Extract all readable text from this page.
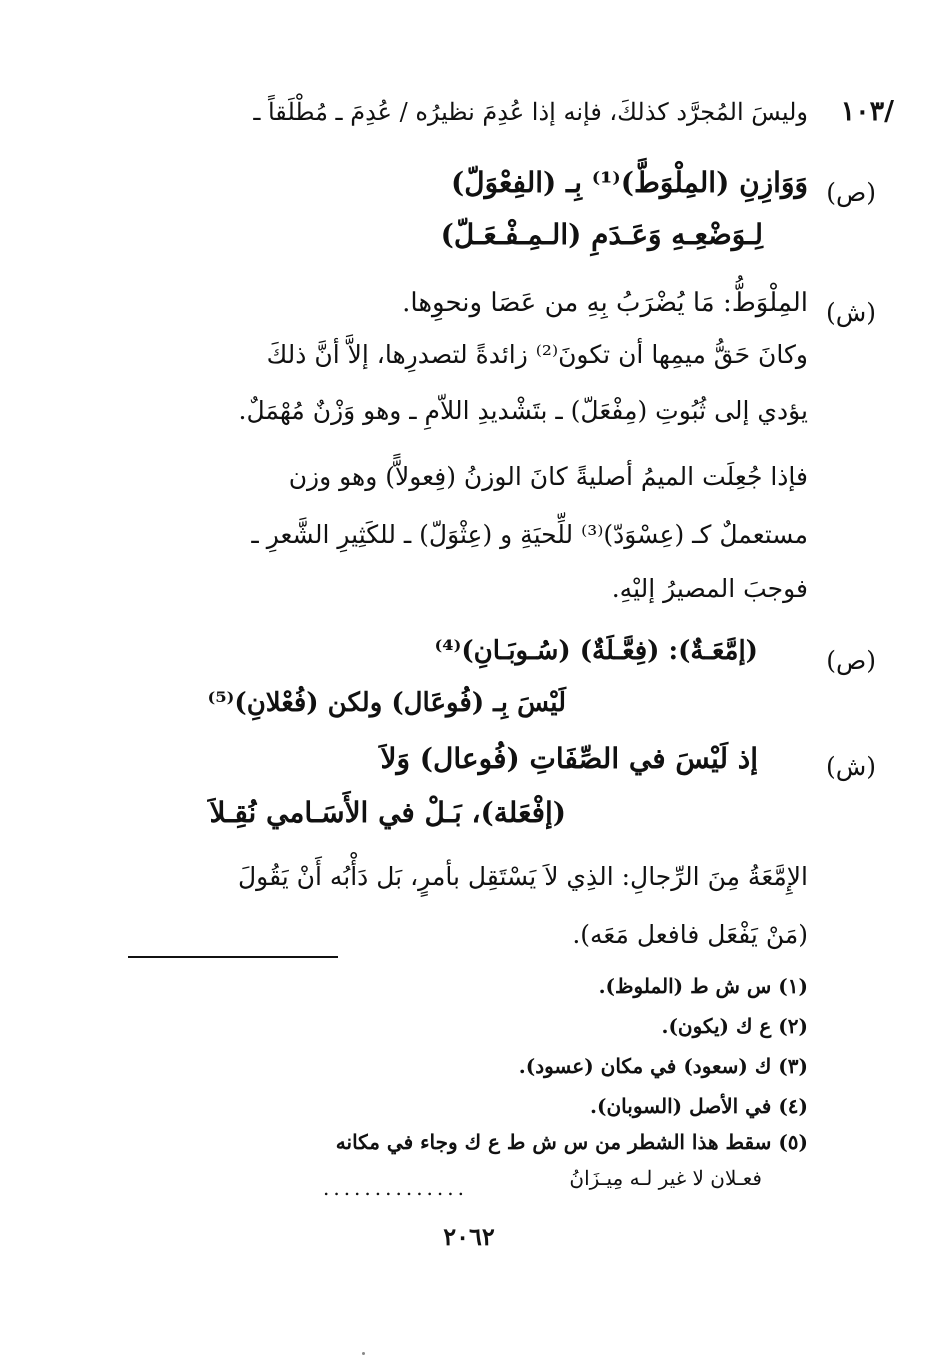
/١٠٣
وليسَ المُجرَّد كذلكَ، فإنه إذا عُدِمَ نظيرُه / عُدِمَ ـ مُطْلَقاً ـ
(ص)
وَوَازِنِ (المِلْوَطَّ)⁽¹⁾ بِـ (الفِعْوَلّ)
لِـوَضْعِـهِ وَعَـدَمِ (الـمِـفْـعَـلّ)
(ش)
المِلْوَطُّ: مَا يُضْرَبُ بِهِ من عَصَا ونحوِها.
وكانَ حَقُّ ميمِها أن تكونَ⁽²⁾ زائدةً لتصدرِها، إلاَّ أنَّ ذلكَ
يؤدي إلى ثُبُوتِ (مِفْعَلّ) ـ بتَشْديدِ اللاّمِ ـ وهو وَزْنٌ مُهْمَلٌ.
فإذا جُعِلَت الميمُ أصليةً كانَ الوزنُ (فِعولاًّ) وهو وزن
مستعملٌ كـ (عِسْوَدّ)⁽³⁾ للِّحيَةِ و (عِثْوَلّ) ـ للكَثِيرِ الشَّعرِ ـ
فوجبَ المصيرُ إليْهِ.
(ص)
(إمَّعَـةٌ): (فِعَّـلَةٌ) (سُـوبَـانِ)⁽⁴⁾
لَيْسَ بِـ (فُوعَال) ولكن (فُعْلانِ)⁽⁵⁾
(ش)
إذ لَيْسَ في الصِّفَاتِ (فُوعال) وَلاَ
(إفْعَلة)، بَـلْ في الأَسَـامي نُقِـلاَ
الإِمَّعَةُ مِنَ الرِّجالِ: الذِي لاَ يَسْتَقِل بأمرٍ، بَل دَأْبُه أَنْ يَقُولَ
(مَنْ يَفْعَل فافعل مَعَه).
(١) س ش ط (الملوظ).
(٢) ع ك (يكون).
(٣) ك (سعود) في مكان (عسود).
(٤) في الأصل (السوبان).
(٥) سقط هذا الشطر من س ش ط ع ك وجاء في مكانه
فعـلان لا غير لـه مِيـزَانُ
..............
٢٠٦٢
